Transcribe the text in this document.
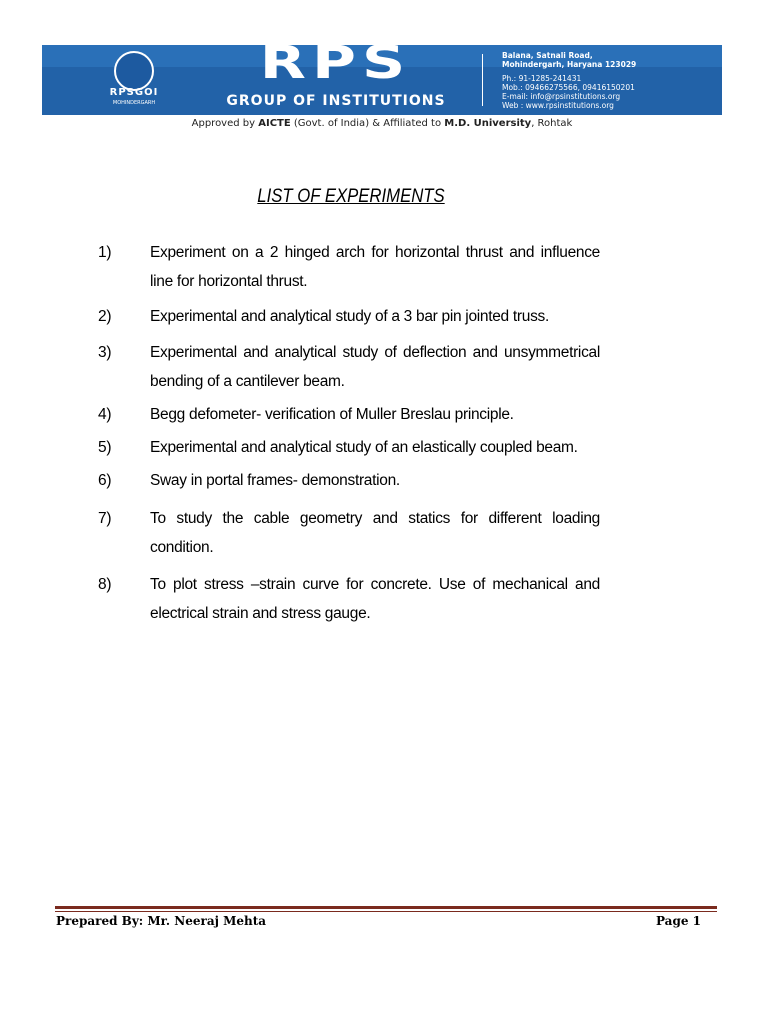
RPSGOI
MOHINDERGARH
RPS
GROUP OF INSTITUTIONS
Balana, Satnali Road,
Mohindergarh, Haryana 123029
Ph.: 91-1285-241431
Mob.: 09466275566, 09416150201
E-mail: info@rpsinstitutions.org
Web : www.rpsinstitutions.org
Approved by AICTE (Govt. of India) & Affiliated to M.D. University, Rohtak
LIST OF EXPERIMENTS
1)	Experiment on a 2 hinged arch for horizontal thrust and influence line for horizontal thrust.
2)	Experimental and analytical study of a 3 bar pin jointed truss.
3)	Experimental and analytical study of deflection and unsymmetrical bending of a cantilever beam.
4)	Begg defometer- verification of Muller Breslau principle.
5)	Experimental and analytical study of an elastically coupled beam.
6)	Sway in portal frames- demonstration.
7)	To study the cable geometry and statics for different loading condition.
8)	To plot stress –strain curve for concrete. Use of mechanical and electrical strain and stress gauge.
Prepared By: Mr. Neeraj Mehta	Page 1
